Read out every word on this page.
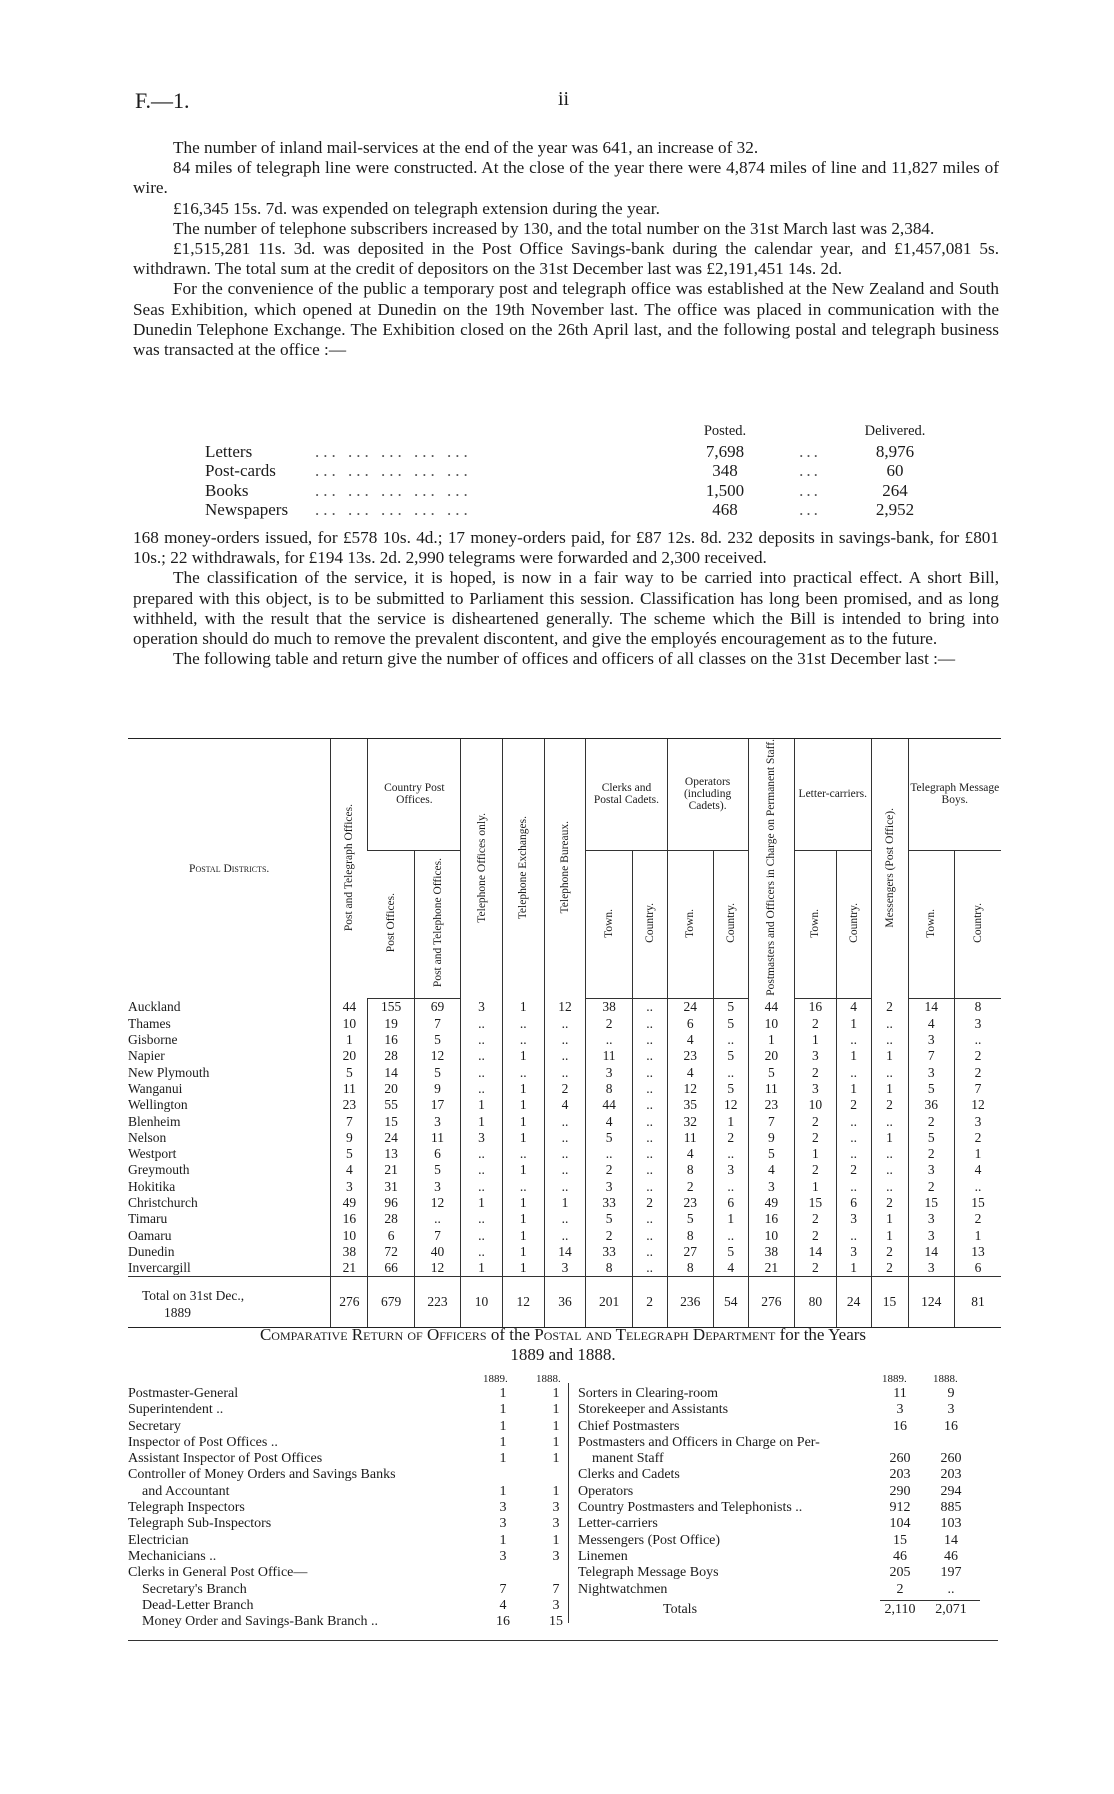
F.—1.	ii

The number of inland mail-services at the end of the year was 641, an increase of 32.

84 miles of telegraph line were constructed. At the close of the year there were 4,874 miles of line and 11,827 miles of wire.

£16,345 15s. 7d. was expended on telegraph extension during the year.

The number of telephone subscribers increased by 130, and the total number on the 31st March last was 2,384.

£1,515,281 11s. 3d. was deposited in the Post Office Savings-bank during the calendar year, and £1,457,081 5s. withdrawn. The total sum at the credit of depositors on the 31st December last was £2,191,451 14s. 2d.

For the convenience of the public a temporary post and telegraph office was established at the New Zealand and South Seas Exhibition, which opened at Dunedin on the 19th November last. The office was placed in communication with the Dunedin Telephone Exchange. The Exhibition closed on the 26th April last, and the following postal and telegraph business was transacted at the office :—

		Posted.		Delivered.
Letters	... ... ... ... ...	7,698	...	8,976
Post-cards	... ... ... ... ...	348	...	60
Books	... ... ... ... ...	1,500	...	264
Newspapers	... ... ... ... ...	468	...	2,952

168 money-orders issued, for £578 10s. 4d.; 17 money-orders paid, for £87 12s. 8d. 232 deposits in savings-bank, for £801 10s.; 22 withdrawals, for £194 13s. 2d. 2,990 telegrams were forwarded and 2,300 received.

The classification of the service, it is hoped, is now in a fair way to be carried into practical effect. A short Bill, prepared with this object, is to be submitted to Parliament this session. Classification has long been promised, and as long withheld, with the result that the service is disheartened generally. The scheme which the Bill is intended to bring into operation should do much to remove the prevalent discontent, and give the employés encouragement as to the future.

The following table and return give the number of offices and officers of all classes on the 31st December last :—

Postal Districts.	Post and Telegraph Offices.	Country Post Offices.		Telephone Offices only.	Telephone Exchanges.	Telephone Bureaux.	Clerks and Postal Cadets.		Operators (including Cadets).		Postmasters and Officers in Charge on Permanent Staff.	Letter-carriers.		Messengers (Post Office).	Telegraph Message Boys.	
		Post Offices.	Post and Telephone Offices.				Town.	Country.	Town.	Country.		Town.	Country.		Town.	Country.
Auckland	44	155	69	3	1	12	38	..	24	5	44	16	4	2	14	8
Thames	10	19	7	..	..	..	2	..	6	5	10	2	1	..	4	3
Gisborne	1	16	5	..	..	..	..	..	4	..	1	1	..	..	3	..
Napier	20	28	12	..	1	..	11	..	23	5	20	3	1	1	7	2
New Plymouth	5	14	5	..	..	..	3	..	4	..	5	2	..	..	3	2
Wanganui	11	20	9	..	1	2	8	..	12	5	11	3	1	1	5	7
Wellington	23	55	17	1	1	4	44	..	35	12	23	10	2	2	36	12
Blenheim	7	15	3	1	1	..	4	..	32	1	7	2	..	..	2	3
Nelson	9	24	11	3	1	..	5	..	11	2	9	2	..	1	5	2
Westport	5	13	6	..	..	..	..	..	4	..	5	1	..	..	2	1
Greymouth	4	21	5	..	1	..	2	..	8	3	4	2	2	..	3	4
Hokitika	3	31	3	..	..	..	3	..	2	..	3	1	..	..	2	..
Christchurch	49	96	12	1	1	1	33	2	23	6	49	15	6	2	15	15
Timaru	16	28	..	..	1	..	5	..	5	1	16	2	3	1	3	2
Oamaru	10	6	7	..	1	..	2	..	8	..	10	2	..	1	3	1
Dunedin	38	72	40	..	1	14	33	..	27	5	38	14	3	2	14	13
Invercargill	21	66	12	1	1	3	8	..	8	4	21	2	1	2	3	6

Total on 31st Dec.,
1889	276	679	223	10	12	36	201	2	236	54	276	80	24	15	124	81
Comparative Return of Officers of the Postal and Telegraph Department for the Years
1889 and 1888.
1889.	1888.	1889. 1888.
Postmaster-General	1	1
Superintendent ..	1	1
Secretary	1	1
Inspector of Post Offices ..	1	1
Assistant Inspector of Post Offices	1	1
Controller of Money Orders and Savings Banks
and Accountant	1	1
Telegraph Inspectors	3	3
Telegraph Sub-Inspectors	3	3
Electrician	1	1
Mechanicians ..	3	3
Clerks in General Post Office—
Secretary's Branch	7	7
Dead-Letter Branch	4	3
Money Order and Savings-Bank Branch ..	16	15
Sorters in Clearing-room	11	9
Storekeeper and Assistants	3	3
Chief Postmasters	16	16
Postmasters and Officers in Charge on Per-
manent Staff	260	260
Clerks and Cadets	203	203
Operators	290	294
Country Postmasters and Telephonists ..	912	885
Letter-carriers	104	103
Messengers (Post Office)	15	14
Linemen	46	46
Telegraph Message Boys	205	197
Nightwatchmen	2	..
Totals	2,110	2,071
